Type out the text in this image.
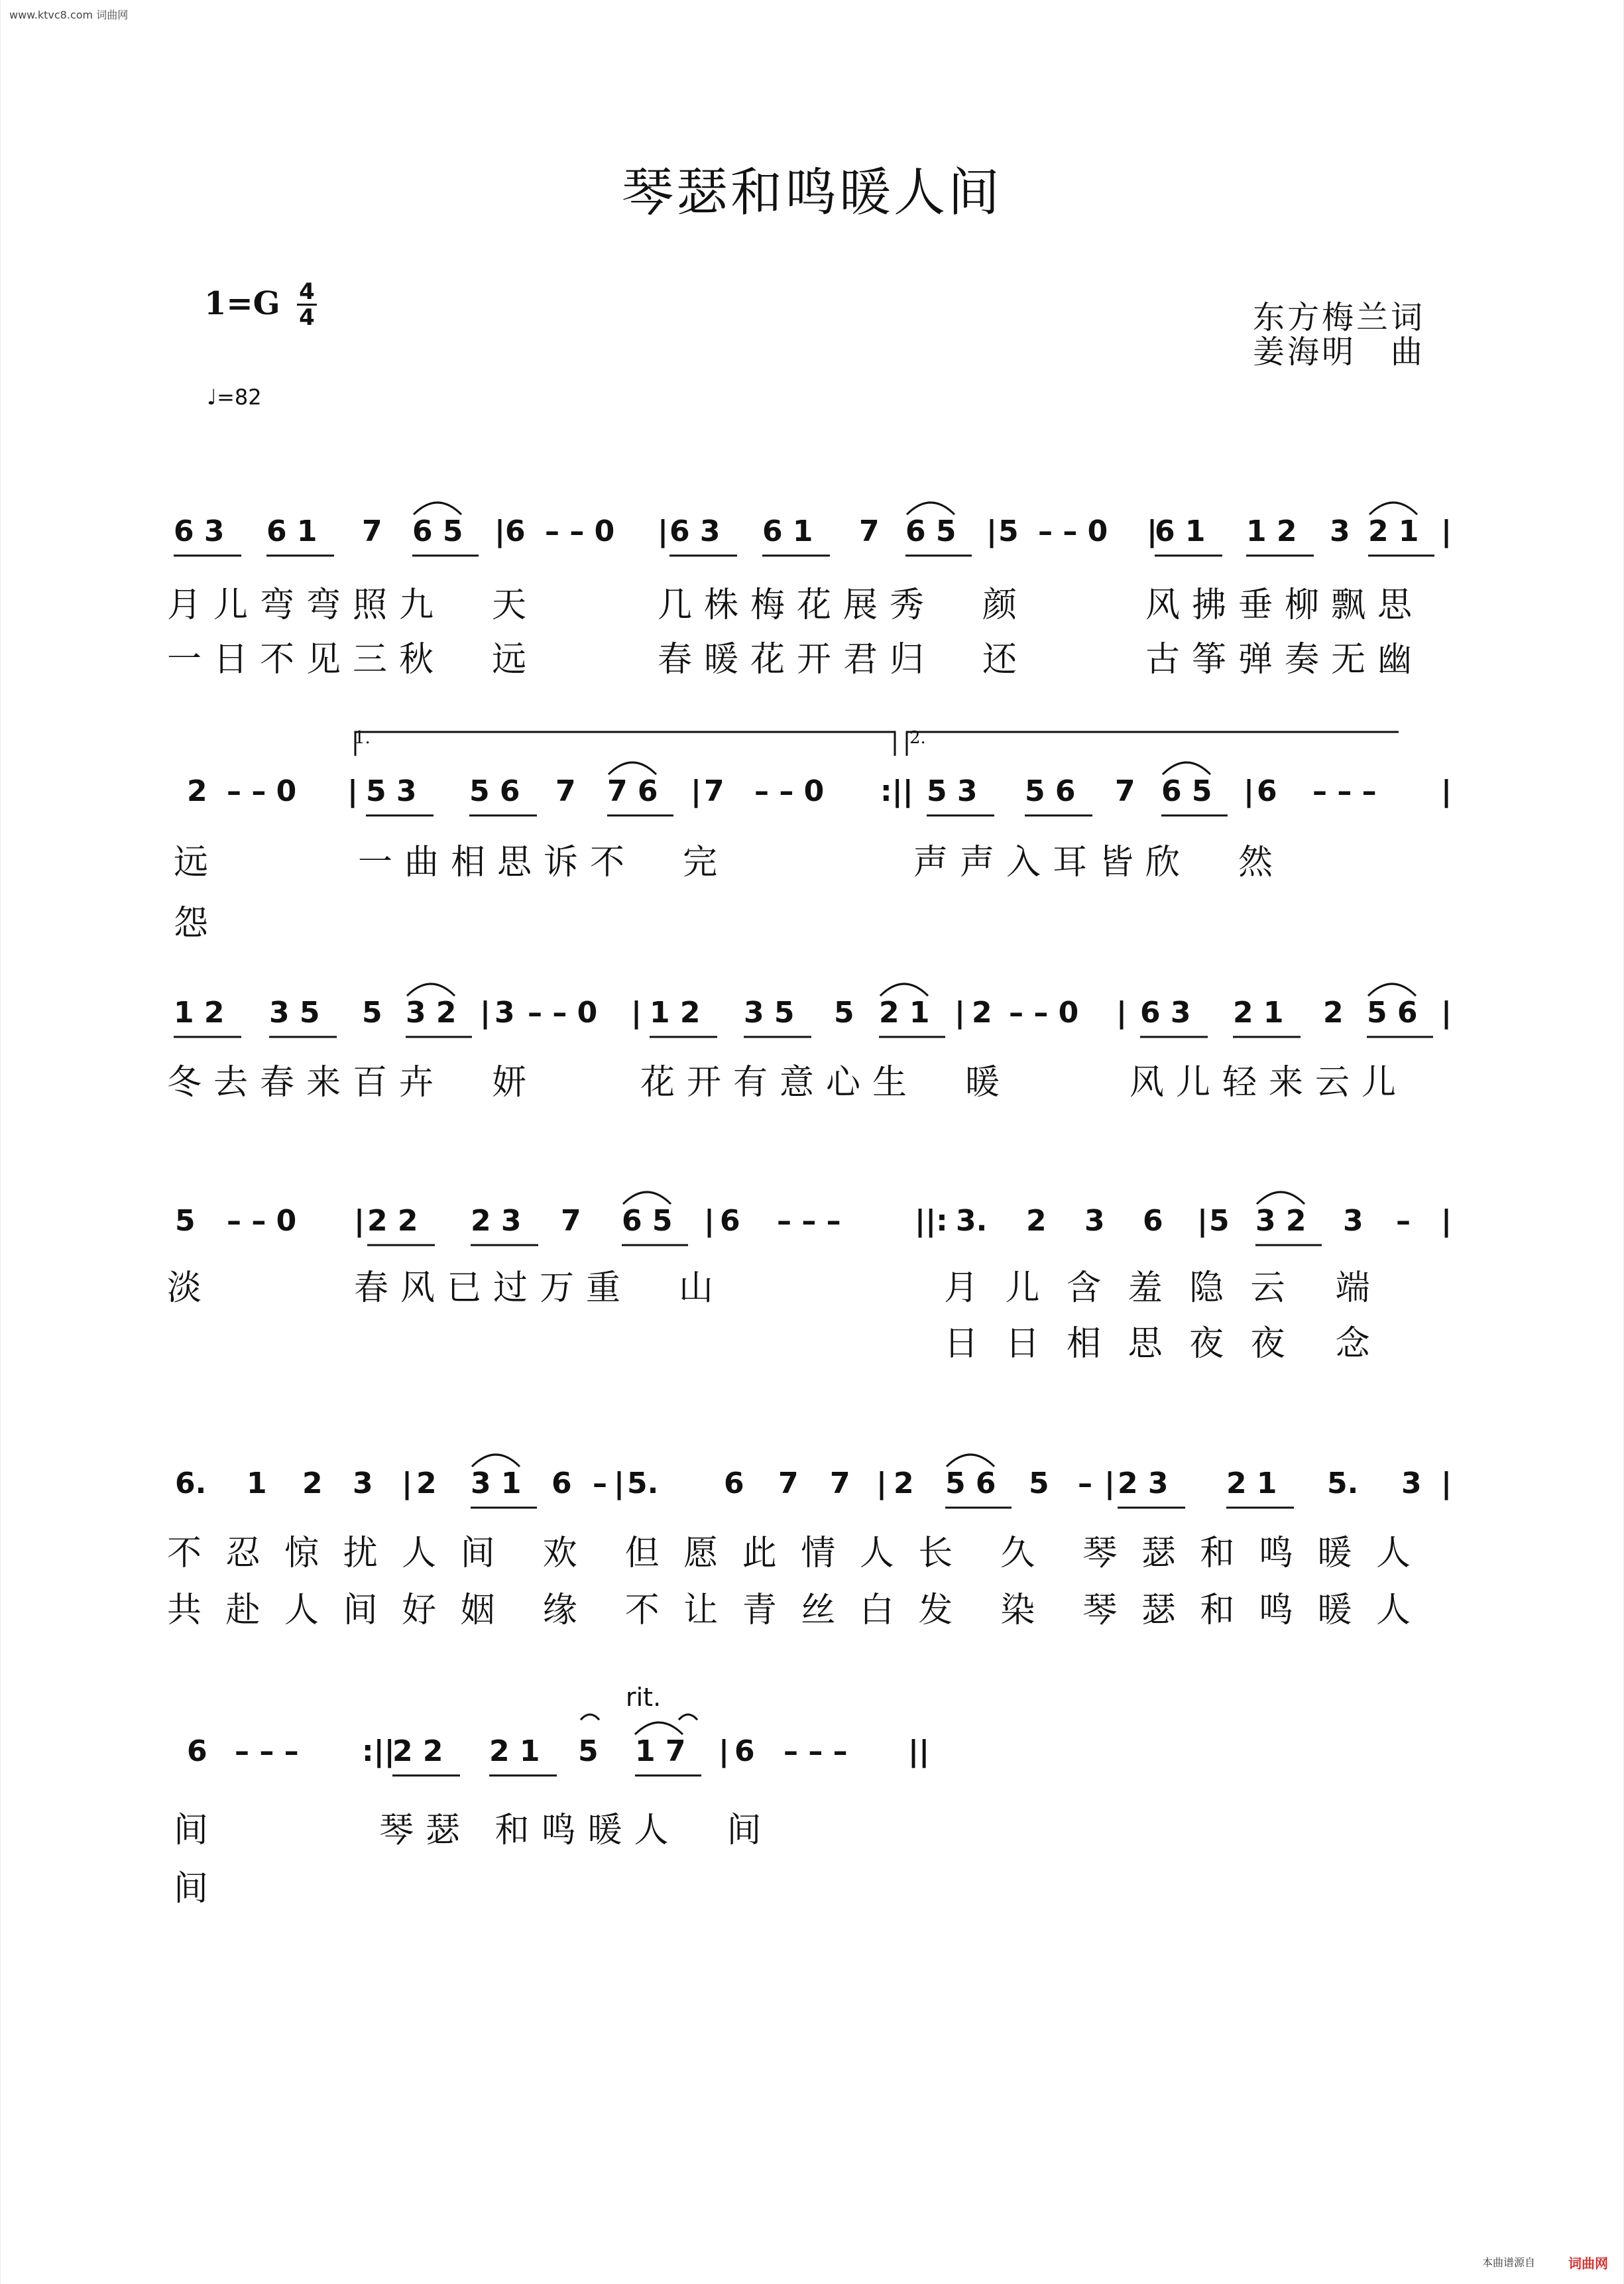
www.ktvc8.com 词曲网
琴瑟和鸣暖人间
1=G 4
4
♩=82
东方梅兰词
姜海明　曲
6 3 6 1 7 6 5 | 6 – – 0 | 6 3 6 1 7 6 5 | 5 – – 0 |
6 1 1 2 3 2 1 |
月儿弯弯照九　天	几株梅花展秀　颜	风拂垂柳飘思
一日不见三秋　远	春暖花开君归　还	古筝弹奏无幽
1.	2.
2 – – 0 | 5 3 5 6 7 7 6 | 7 – – 0 :|| 5 3 5 6 7 6 5 | 6 – – – |
远	一曲相思诉不　完	声声入耳皆欣　然
怨
1 2 3 5 5 3 2 | 3 – – 0 | 1 2 3 5 5 2 1 | 2 – – 0 | 6 3 2 1 2 5 6 |
冬去春来百卉　妍	花开有意心生　暖	风儿轻来云儿
5 – – 0 | 2 2 2 3 7 6 5 | 6 – – –	||: 3. 2 3 6 | 5 3 2 3 – |
淡	春风已过万重　山	月 儿 含 羞 隐 云　端
日 日 相 思 夜 夜　念
6. 1 2 3 | 2 3 1 6 – | 5. 6 7 7 | 2 5 6 5 – | 2 3 2 1 5. 3 |
不 忍 惊 扰 人 间　欢　但 愿 此 情 人 长　久　琴 瑟 和 鸣 暖 人
共 赴 人 间 好 姻　缘　不 让 青 丝 白 发　染　琴 瑟 和 鸣 暖 人
rit.
6 – – – :||
2 2 2 1 5 1 7 | 6 – – – ||
间	琴瑟 和鸣暖人　间
间
本曲谱源自 词曲网
